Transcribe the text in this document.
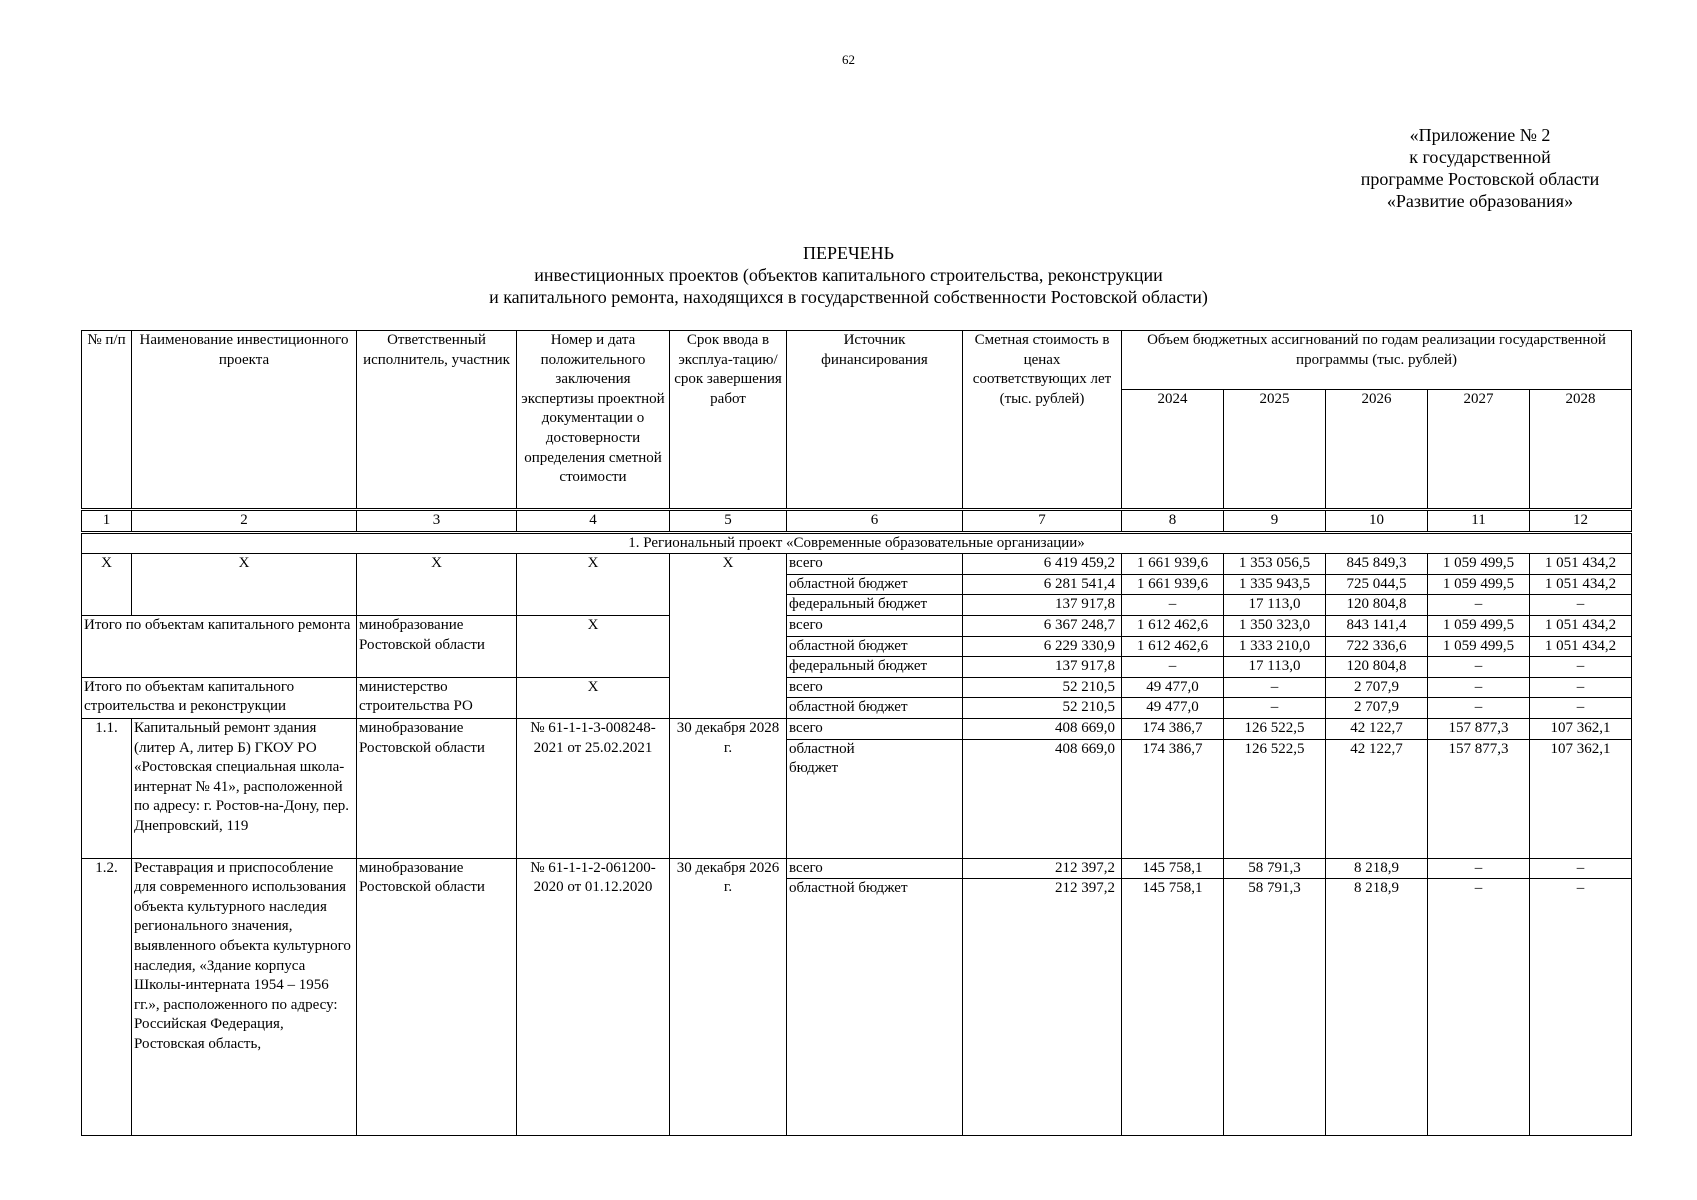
62
«Приложение № 2
к государственной
программе Ростовской области
«Развитие образования»
ПЕРЕЧЕНЬ
инвестиционных проектов (объектов капитального строительства, реконструкции
и капитального ремонта, находящихся в государственной собственности Ростовской области)
№ п/п	Наименование инвестиционного проекта	Ответственный исполнитель, участник	Номер и дата положительного заключения экспертизы проектной документации о достоверности определения сметной стоимости	Срок ввода в эксплуа-тацию/срок завершения работ	Источник финансирования	Сметная стоимость в ценах соответствующих лет (тыс. рублей)	Объем бюджетных ассигнований по годам реализации государственной программы (тыс. рублей)				
							2024	2025	2026	2027	2028
1	2	3	4	5	6	7	8	9	10	11	12
1. Региональный проект «Современные образовательные организации»											
Х	Х	Х	Х	Х	всего	6 419 459,2	1 661 939,6	1 353 056,5	845 849,3	1 059 499,5	1 051 434,2
					областной бюджет	6 281 541,4	1 661 939,6	1 335 943,5	725 044,5	1 059 499,5	1 051 434,2
					федеральный бюджет	137 917,8	–	17 113,0	120 804,8	–	–
Итого по объектам капитального ремонта		минобразование Ростовской области	Х		всего	6 367 248,7	1 612 462,6	1 350 323,0	843 141,4	1 059 499,5	1 051 434,2
					областной бюджет	6 229 330,9	1 612 462,6	1 333 210,0	722 336,6	1 059 499,5	1 051 434,2
					федеральный бюджет	137 917,8	–	17 113,0	120 804,8	–	–
Итого по объектам капитального строительства и реконструкции		министерство строительства РО	Х		всего	52 210,5	49 477,0	–	2 707,9	–	–
					областной бюджет	52 210,5	49 477,0	–	2 707,9	–	–
1.1.	Капитальный ремонт здания (литер А, литер Б) ГКОУ РО «Ростовская специальная школа-интернат № 41», расположенной по адресу: г. Ростов-на-Дону, пер. Днепровский, 119	минобразование Ростовской области	№ 61-1-1-3-008248-2021 от 25.02.2021	30 декабря 2028 г.	всего	408 669,0	174 386,7	126 522,5	42 122,7	157 877,3	107 362,1
					областной бюджет	408 669,0	174 386,7	126 522,5	42 122,7	157 877,3	107 362,1
1.2.	Реставрация и приспособление для современного использования объекта культурного наследия регионального значения, выявленного объекта культурного наследия, «Здание корпуса Школы-интерната 1954 – 1956 гг.», расположенного по адресу: Российская Федерация, Ростовская область,	минобразование Ростовской области	№ 61-1-1-2-061200-2020 от 01.12.2020	30 декабря 2026 г.	всего	212 397,2	145 758,1	58 791,3	8 218,9	–	–
					областной бюджет	212 397,2	145 758,1	58 791,3	8 218,9	–	–
